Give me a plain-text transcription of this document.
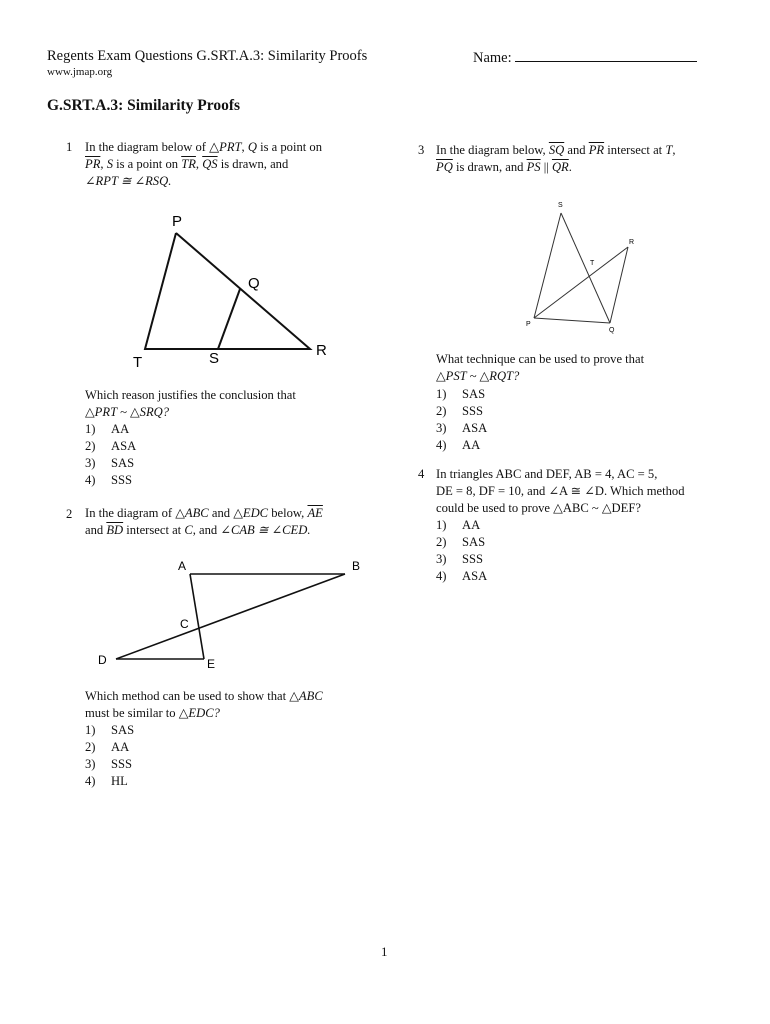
Regents Exam Questions G.SRT.A.3: Similarity Proofs
www.jmap.org
Name:
G.SRT.A.3: Similarity Proofs
1 In the diagram below of △PRT, Q is a point on
$\overline{PR}$, S is a point on $\overline{TR}$, $\overline{QS}$ is drawn, and
∠RPT ≅ ∠RSQ.
P
Q
T	S	R
Which reason justifies the conclusion that
△PRT ~ △SRQ?
1) AA
2) ASA
3) SAS
4) SSS
2 In the diagram of △ABC and △EDC below, $\overline{AE}$
and $\overline{BD}$ intersect at C, and ∠CAB ≅ ∠CED.
A	B
C
D	E
Which method can be used to show that △ABC
must be similar to △EDC?
1) SAS
2) AA
3) SSS
4) HL
3 In the diagram below, $\overline{SQ}$ and $\overline{PR}$ intersect at T,
$\overline{PQ}$ is drawn, and $\overline{PS}$ || $\overline{QR}$.
S
R
T
P
Q
What technique can be used to prove that
△PST ~ △RQT?
1) SAS
2) SSS
3) ASA
4) AA
4 In triangles ABC and DEF, AB = 4, AC = 5,
DE = 8, DF = 10, and ∠A ≅ ∠D. Which method
could be used to prove △ABC ~ △DEF?
1) AA
2) SAS
3) SSS
4) ASA
1
